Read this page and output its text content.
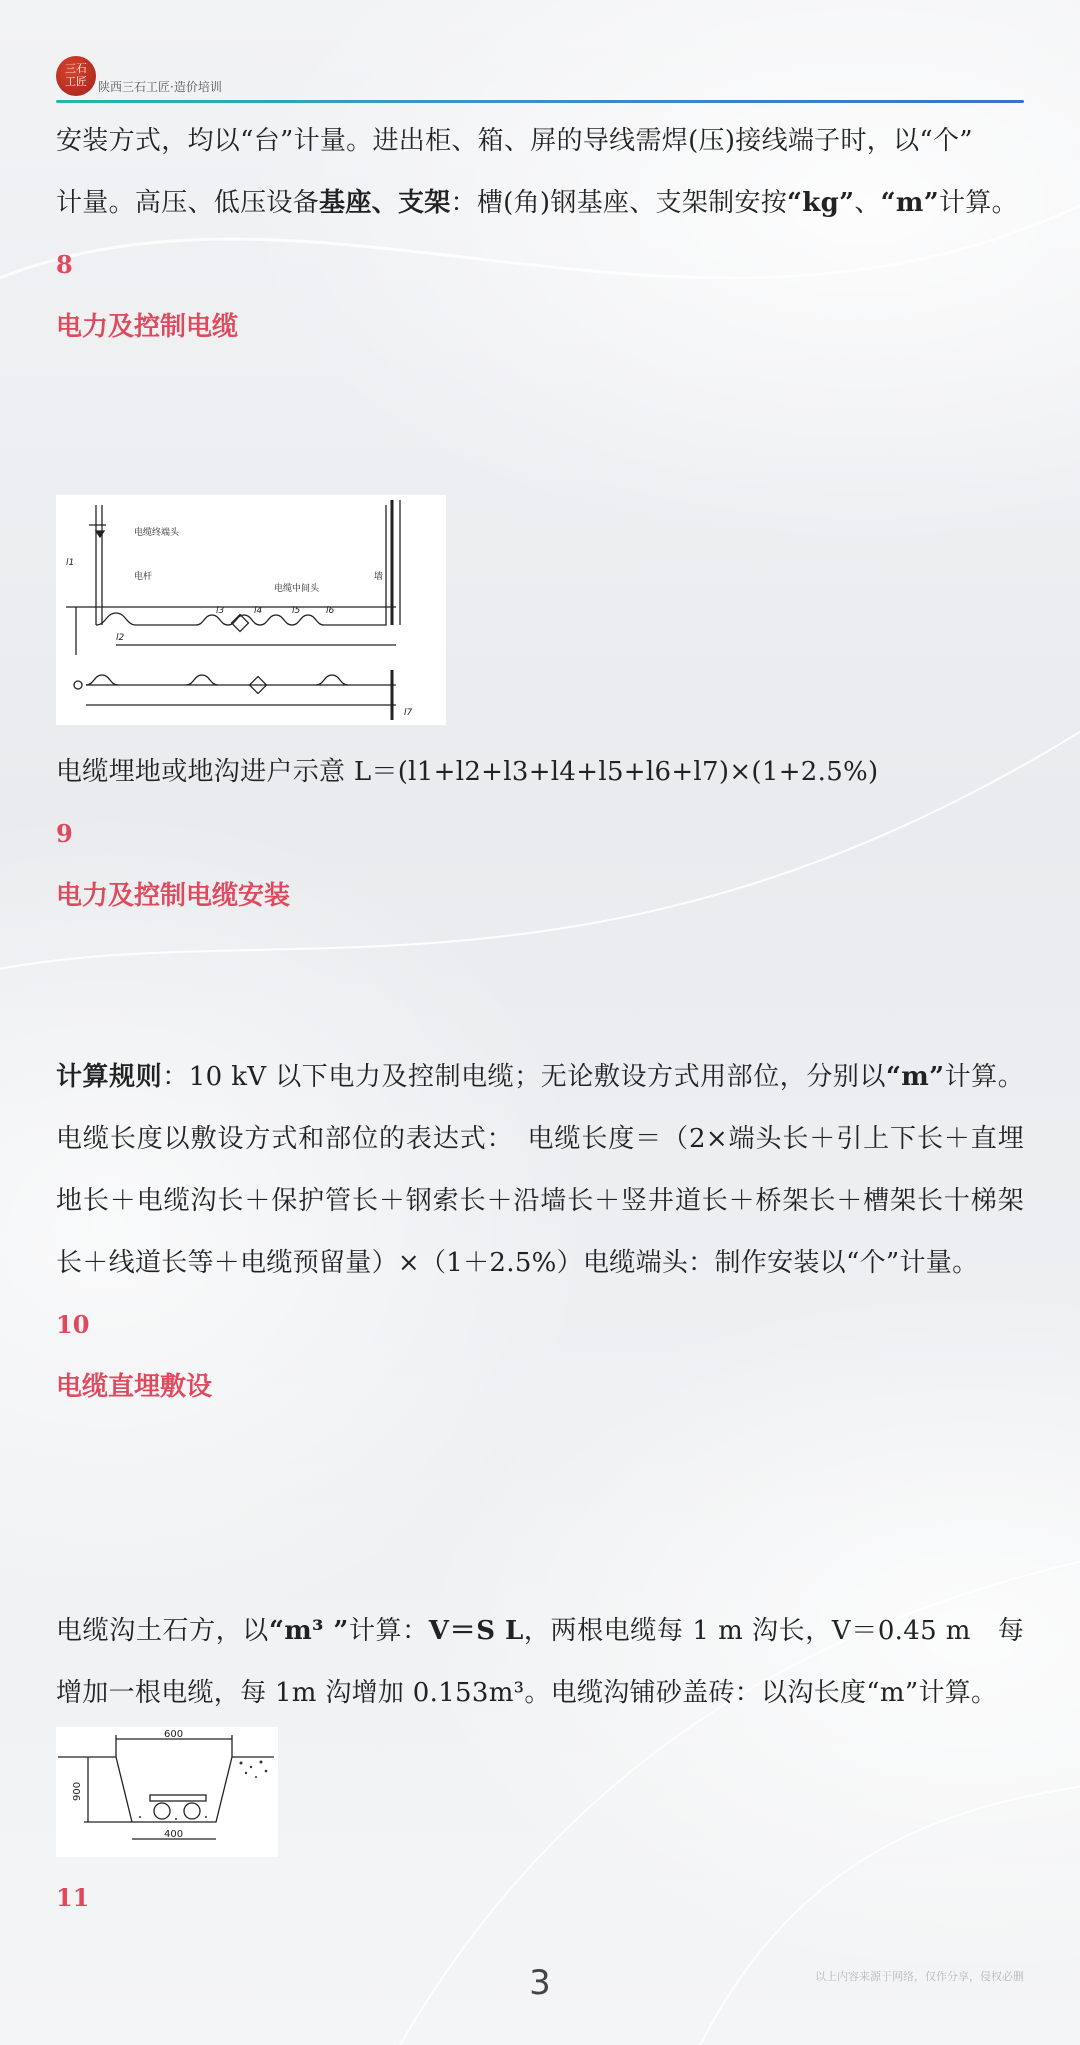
三石
工匠 陕西三石工匠·造价培训

安装方式，均以“台”计量。进出柜、箱、屏的导线需焊(压)接线端子时，以“个”

计量。高压、低压设备基座、支架：槽(角)钢基座、支架制安按“kg”、“m”计算。

8

电力及控制电缆

电缆终端头
电杆
电缆中间头
墙
l1
l2
l3	l4	l5	l6
l7

电缆埋地或地沟进户示意 L＝(l1+l2+l3+l4+l5+l6+l7)×(1+2.5%)

9

电力及控制电缆安装

计算规则：10 kV 以下电力及控制电缆；无论敷设方式用部位，分别以“m”计算。电缆长度以敷设方式和部位的表达式：　电缆长度＝（2×端头长＋引上下长＋直埋地长＋电缆沟长＋保护管长＋钢索长＋沿墙长＋竖井道长＋桥架长＋槽架长十梯架长＋线道长等＋电缆预留量）×（1＋2.5%）电缆端头：制作安装以“个”计量。

10

电缆直埋敷设

电缆沟土石方，以“m³ ”计算：V＝S L，两根电缆每 1 m 沟长，V＝0.45 m　每增加一根电缆，每 1m 沟增加 0.153m³。电缆沟铺砂盖砖：以沟长度“m”计算。

600
400
900

11

3	以上内容来源于网络，仅作分享，侵权必删
